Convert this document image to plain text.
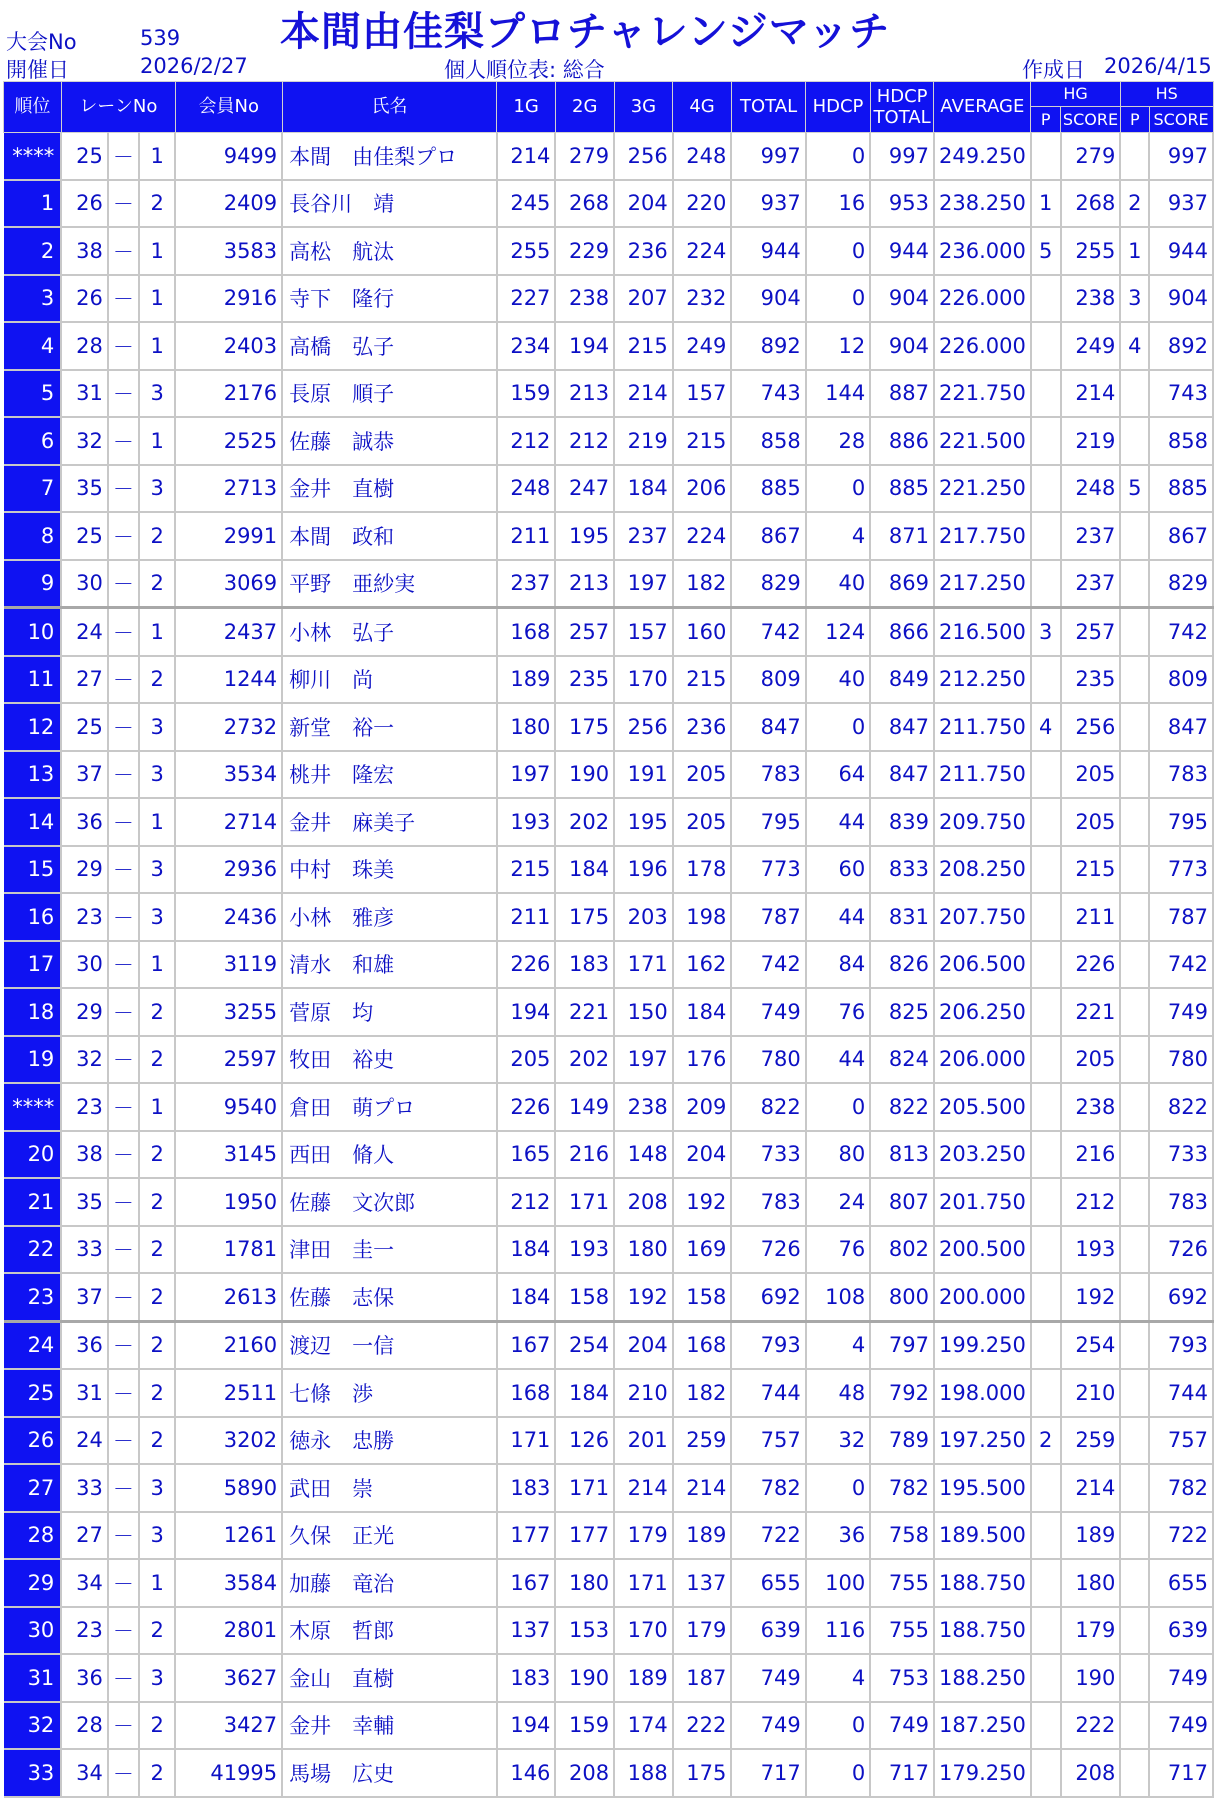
大会No	539
開催日	2026/2/27
本間由佳梨プロチャレンジマッチ
個人順位表: 総合	作成日 2026/4/15
順位	レーンNo			会員No	氏名	1G	2G	3G	4G	TOTAL	HDCP	HDCP
TOTAL	AVERAGE	HG		HS	
														P	SCORE	P	SCORE
****	25	－	1	9499	本間　由佳梨プロ	214	279	256	248	997	0	997	249.250		279		997
1	26	－	2	2409	長谷川　靖	245	268	204	220	937	16	953	238.250	1	268	2	937
2	38	－	1	3583	高松　航汰	255	229	236	224	944	0	944	236.000	5	255	1	944
3	26	－	1	2916	寺下　隆行	227	238	207	232	904	0	904	226.000		238	3	904
4	28	－	1	2403	高橋　弘子	234	194	215	249	892	12	904	226.000		249	4	892
5	31	－	3	2176	長原　順子	159	213	214	157	743	144	887	221.750		214		743
6	32	－	1	2525	佐藤　誠恭	212	212	219	215	858	28	886	221.500		219		858
7	35	－	3	2713	金井　直樹	248	247	184	206	885	0	885	221.250		248	5	885
8	25	－	2	2991	本間　政和	211	195	237	224	867	4	871	217.750		237		867
9	30	－	2	3069	平野　亜紗実	237	213	197	182	829	40	869	217.250		237		829
10	24	－	1	2437	小林　弘子	168	257	157	160	742	124	866	216.500	3	257		742
11	27	－	2	1244	柳川　尚	189	235	170	215	809	40	849	212.250		235		809
12	25	－	3	2732	新堂　裕一	180	175	256	236	847	0	847	211.750	4	256		847
13	37	－	3	3534	桃井　隆宏	197	190	191	205	783	64	847	211.750		205		783
14	36	－	1	2714	金井　麻美子	193	202	195	205	795	44	839	209.750		205		795
15	29	－	3	2936	中村　珠美	215	184	196	178	773	60	833	208.250		215		773
16	23	－	3	2436	小林　雅彦	211	175	203	198	787	44	831	207.750		211		787
17	30	－	1	3119	清水　和雄	226	183	171	162	742	84	826	206.500		226		742
18	29	－	2	3255	菅原　均	194	221	150	184	749	76	825	206.250		221		749
19	32	－	2	2597	牧田　裕史	205	202	197	176	780	44	824	206.000		205		780
****	23	－	1	9540	倉田　萌プロ	226	149	238	209	822	0	822	205.500		238		822
20	38	－	2	3145	西田　脩人	165	216	148	204	733	80	813	203.250		216		733
21	35	－	2	1950	佐藤　文次郎	212	171	208	192	783	24	807	201.750		212		783
22	33	－	2	1781	津田　圭一	184	193	180	169	726	76	802	200.500		193		726
23	37	－	2	2613	佐藤　志保	184	158	192	158	692	108	800	200.000		192		692
24	36	－	2	2160	渡辺　一信	167	254	204	168	793	4	797	199.250		254		793
25	31	－	2	2511	七條　渉	168	184	210	182	744	48	792	198.000		210		744
26	24	－	2	3202	徳永　忠勝	171	126	201	259	757	32	789	197.250	2	259		757
27	33	－	3	5890	武田　崇	183	171	214	214	782	0	782	195.500		214		782
28	27	－	3	1261	久保　正光	177	177	179	189	722	36	758	189.500		189		722
29	34	－	1	3584	加藤　竜治	167	180	171	137	655	100	755	188.750		180		655
30	23	－	2	2801	木原　哲郎	137	153	170	179	639	116	755	188.750		179		639
31	36	－	3	3627	金山　直樹	183	190	189	187	749	4	753	188.250		190		749
32	28	－	2	3427	金井　幸輔	194	159	174	222	749	0	749	187.250		222		749
33	34	－	2	41995	馬場　広史	146	208	188	175	717	0	717	179.250		208		717
